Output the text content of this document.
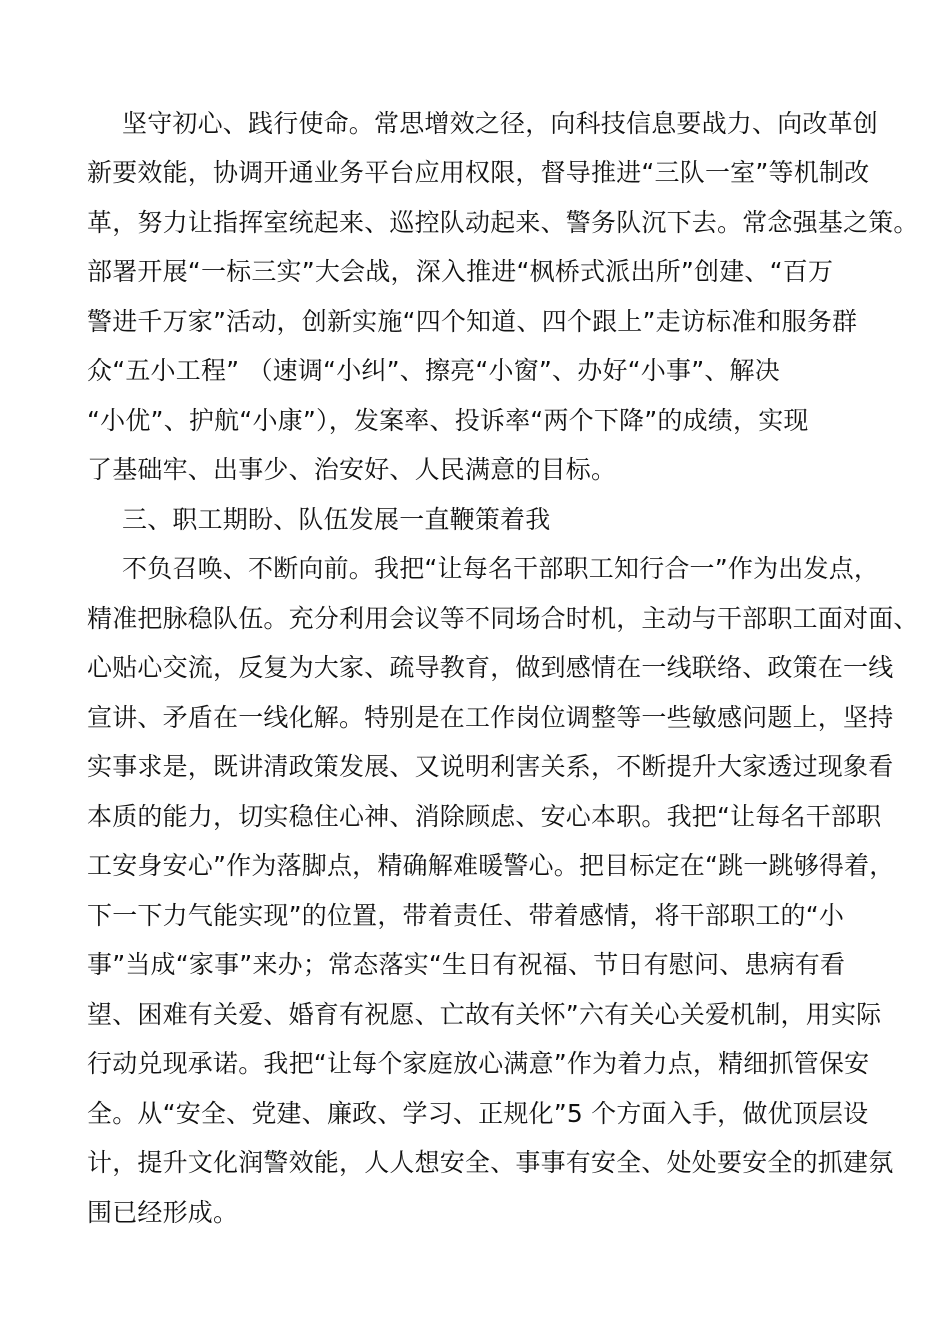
坚守初心、践行使命。常思增效之径，向科技信息要战力、向改革创
新要效能，协调开通业务平台应用权限，督导推进“三队一室”等机制改
革，努力让指挥室统起来、巡控队动起来、警务队沉下去。常念强基之策。
部署开展“一标三实”大会战，深入推进“枫桥式派出所”创建、“百万
警进千万家”活动，创新实施“四个知道、四个跟上”走访标准和服务群
众“五小工程” （速调“小纠”、擦亮“小窗”、办好“小事”、解决
“小优”、护航“小康”），发案率、投诉率“两个下降”的成绩，实现
了基础牢、出事少、治安好、人民满意的目标。
三、职工期盼、队伍发展一直鞭策着我
不负召唤、不断向前。我把“让每名干部职工知行合一”作为出发点，
精准把脉稳队伍。充分利用会议等不同场合时机，主动与干部职工面对面、
心贴心交流，反复为大家、疏导教育，做到感情在一线联络、政策在一线
宣讲、矛盾在一线化解。特别是在工作岗位调整等一些敏感问题上，坚持
实事求是，既讲清政策发展、又说明利害关系，不断提升大家透过现象看
本质的能力，切实稳住心神、消除顾虑、安心本职。我把“让每名干部职
工安身安心”作为落脚点，精确解难暖警心。把目标定在“跳一跳够得着，
下一下力气能实现”的位置，带着责任、带着感情，将干部职工的“小
事”当成“家事”来办；常态落实“生日有祝福、节日有慰问、患病有看
望、困难有关爱、婚育有祝愿、亡故有关怀”六有关心关爱机制，用实际
行动兑现承诺。我把“让每个家庭放心满意”作为着力点，精细抓管保安
全。从“安全、党建、廉政、学习、正规化”5 个方面入手，做优顶层设
计，提升文化润警效能，人人想安全、事事有安全、处处要安全的抓建氛
围已经形成。
